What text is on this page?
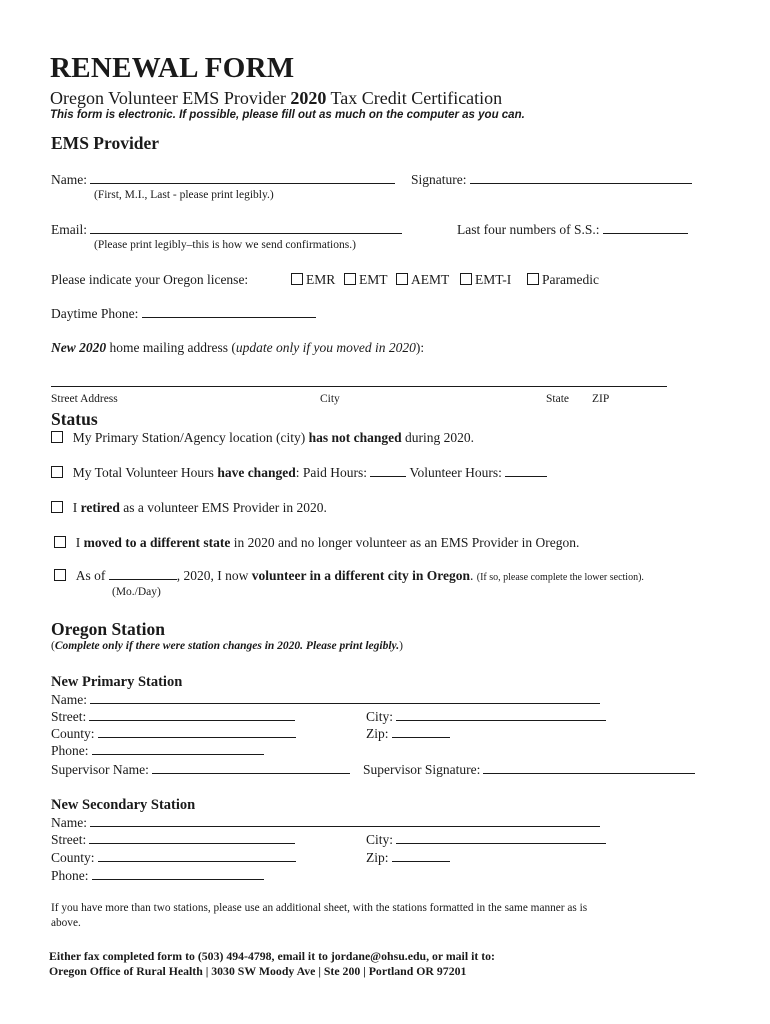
RENEWAL FORM
Oregon Volunteer EMS Provider 2020 Tax Credit Certification
This form is electronic. If possible, please fill out as much on the computer as you can.
EMS Provider
Name:
(First, M.I., Last - please print legibly.)
Signature:
Email:
(Please print legibly–this is how we send confirmations.)
Last four numbers of S.S.:
Please indicate your Oregon license:	EMR	EMT	AEMT	EMT-I	Paramedic
Daytime Phone:
New 2020 home mailing address (update only if you moved in 2020):
Street Address	City	State ZIP
Status
My Primary Station/Agency location (city) has not changed during 2020.
My Total Volunteer Hours have changed: Paid Hours:	Volunteer Hours:
I retired as a volunteer EMS Provider in 2020.
I moved to a different state in 2020 and no longer volunteer as an EMS Provider in Oregon.
As of	, 2020, I now volunteer in a different city in Oregon. (If so, please complete the lower section).
(Mo./Day)
Oregon Station
(Complete only if there were station changes in 2020. Please print legibly.)
New Primary Station
Name:
Street:	City:
County:	Zip:
Phone:
Supervisor Name:	Supervisor Signature:
New Secondary Station
Name:
Street:	City:
County:	Zip:
Phone:
If you have more than two stations, please use an additional sheet, with the stations formatted in the same manner as is
above.
Either fax completed form to (503) 494-4798, email it to jordane@ohsu.edu, or mail it to:
Oregon Office of Rural Health | 3030 SW Moody Ave | Ste 200 | Portland OR 97201
